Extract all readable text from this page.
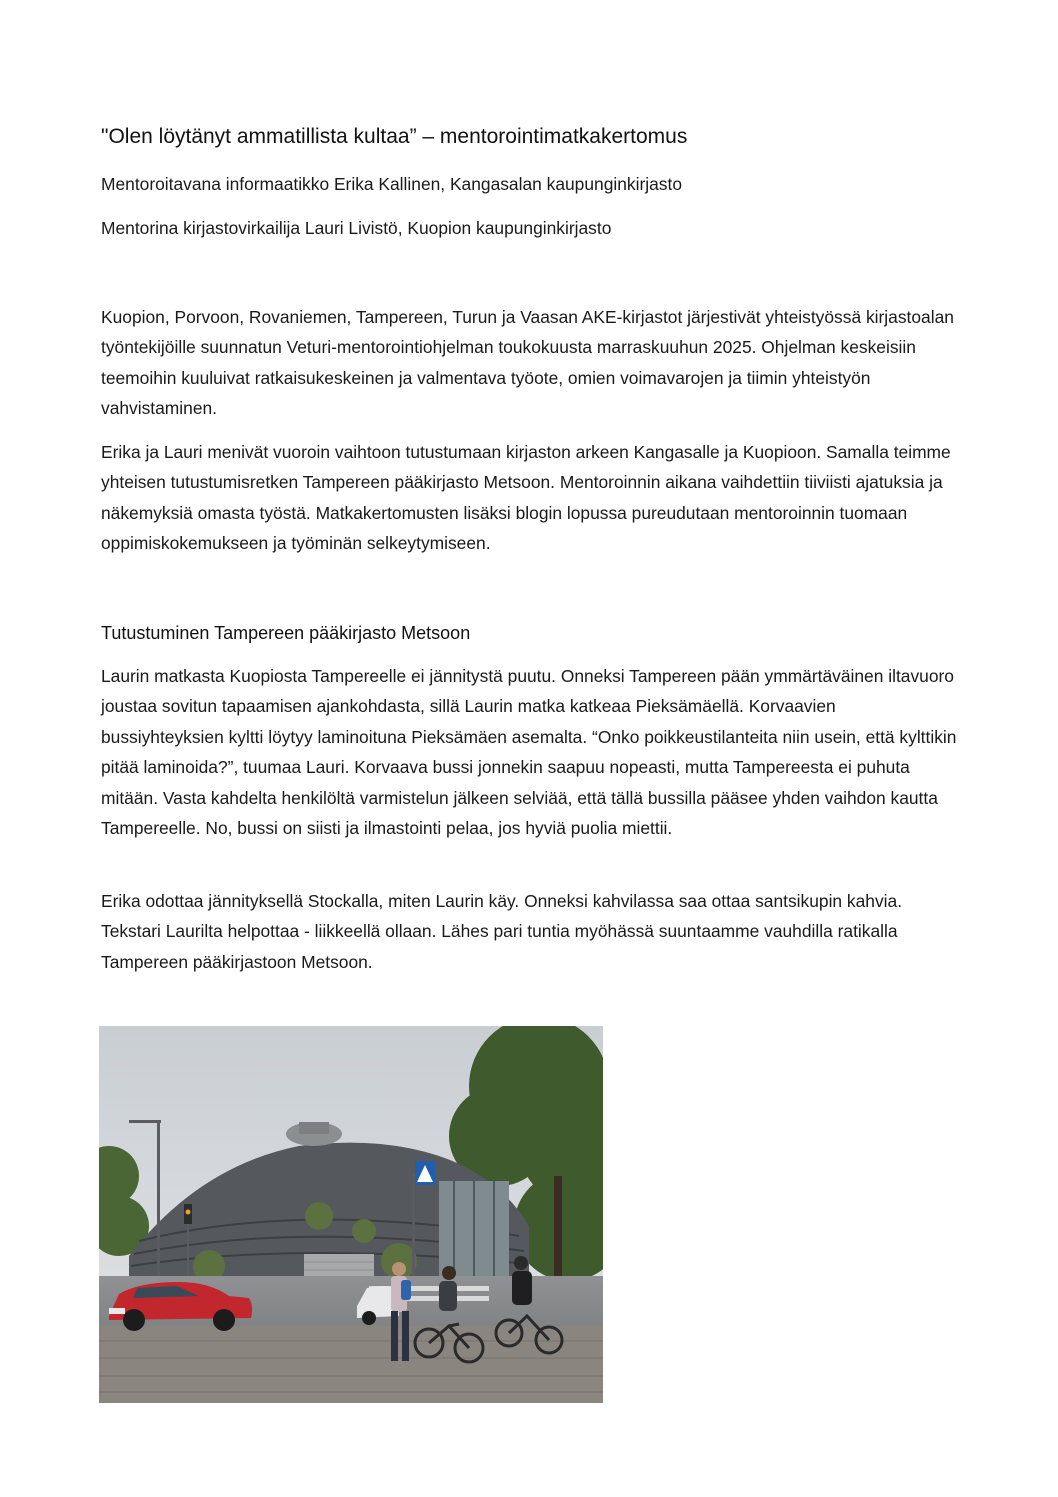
"Olen löytänyt ammatillista kultaa” – mentorointimatkakertomus
Mentoroitavana informaatikko Erika Kallinen, Kangasalan kaupunginkirjasto
Mentorina kirjastovirkailija Lauri Livistö, Kuopion kaupunginkirjasto

Kuopion, Porvoon, Rovaniemen, Tampereen, Turun ja Vaasan AKE-kirjastot järjestivät yhteistyössä kirjastoalan työntekijöille suunnatun Veturi-mentorointiohjelman toukokuusta marraskuuhun 2025. Ohjelman keskeisiin teemoihin kuuluivat ratkaisukeskeinen ja valmentava työote, omien voimavarojen ja tiimin yhteistyön vahvistaminen.

Erika ja Lauri menivät vuoroin vaihtoon tutustumaan kirjaston arkeen Kangasalle ja Kuopioon. Samalla teimme yhteisen tutustumisretken Tampereen pääkirjasto Metsoon. Mentoroinnin aikana vaihdettiin tiiviisti ajatuksia ja näkemyksiä omasta työstä. Matkakertomusten lisäksi blogin lopussa pureudutaan mentoroinnin tuomaan oppimiskokemukseen ja työminän selkeytymiseen.

Tutustuminen Tampereen pääkirjasto Metsoon

Laurin matkasta Kuopiosta Tampereelle ei jännitystä puutu. Onneksi Tampereen pään ymmärtäväinen iltavuoro joustaa sovitun tapaamisen ajankohdasta, sillä Laurin matka katkeaa Pieksämäellä. Korvaavien bussiyhteyksien kyltti löytyy laminoituna Pieksämäen asemalta. “Onko poikkeustilanteita niin usein, että kylttikin pitää laminoida?”, tuumaa Lauri. Korvaava bussi jonnekin saapuu nopeasti, mutta Tampereesta ei puhuta mitään. Vasta kahdelta henkilöltä varmistelun jälkeen selviää, että tällä bussilla pääsee yhden vaihdon kautta Tampereelle. No, bussi on siisti ja ilmastointi pelaa, jos hyviä puolia miettii.

Erika odottaa jännityksellä Stockalla, miten Laurin käy. Onneksi kahvilassa saa ottaa santsikupin kahvia. Tekstari Laurilta helpottaa - liikkeellä ollaan. Lähes pari tuntia myöhässä suuntaamme vauhdilla ratikalla Tampereen pääkirjastoon Metsoon.
